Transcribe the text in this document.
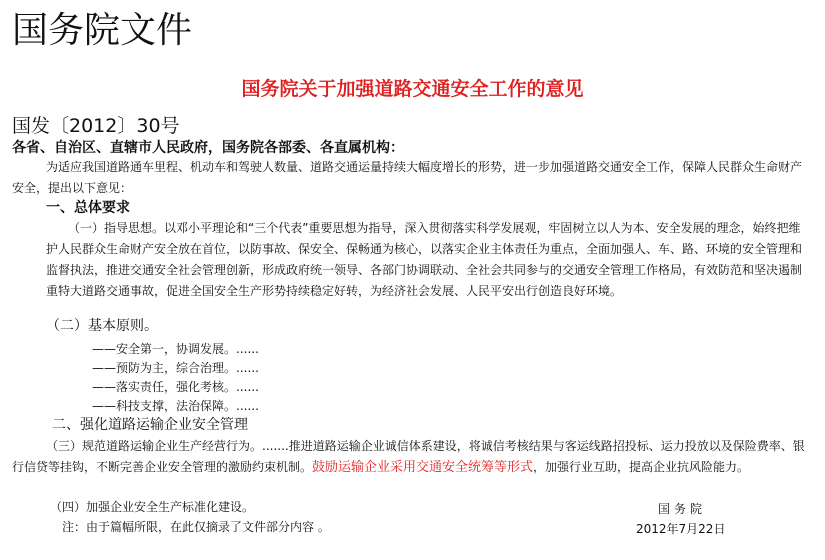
国务院文件
国务院关于加强道路交通安全工作的意见
国发〔2012〕30号
各省、自治区、直辖市人民政府，国务院各部委、各直属机构：
为适应我国道路通车里程、机动车和驾驶人数量、道路交通运量持续大幅度增长的形势，进一步加强道路交通安全工作，保障人民群众生命财产安全，提出以下意见：
一、总体要求
（一）指导思想。以邓小平理论和“三个代表”重要思想为指导，深入贯彻落实科学发展观，牢固树立以人为本、安全发展的理念，始终把维护人民群众生命财产安全放在首位，以防事故、保安全、保畅通为核心，以落实企业主体责任为重点，全面加强人、车、路、环境的安全管理和监督执法，推进交通安全社会管理创新，形成政府统一领导、各部门协调联动、全社会共同参与的交通安全管理工作格局，有效防范和坚决遏制重特大道路交通事故，促进全国安全生产形势持续稳定好转，为经济社会发展、人民平安出行创造良好环境。
（二）基本原则。
——安全第一，协调发展。......
——预防为主，综合治理。......
——落实责任，强化考核。......
——科技支撑，法治保障。......
二、强化道路运输企业安全管理
（三）规范道路运输企业生产经营行为。.......推进道路运输企业诚信体系建设，将诚信考核结果与客运线路招投标、运力投放以及保险费率、银行信贷等挂钩，不断完善企业安全管理的激励约束机制。鼓励运输企业采用交通安全统筹等形式，加强行业互助，提高企业抗风险能力。
（四）加强企业安全生产标准化建设。
注：由于篇幅所限，在此仅摘录了文件部分内容 。
国务院
2012年7月22日
